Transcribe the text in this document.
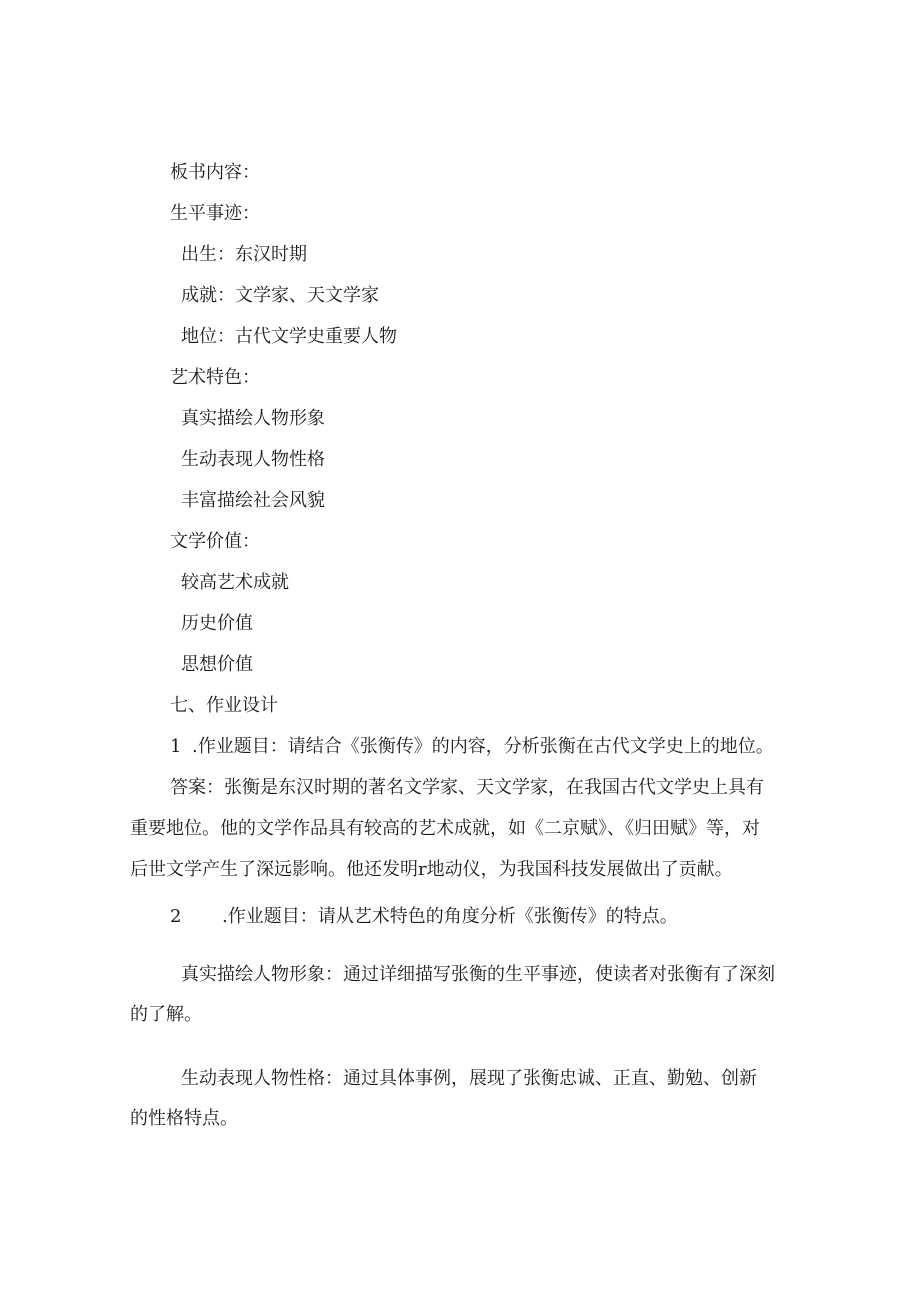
板书内容：

生平事迹：

出生：东汉时期

成就：文学家、天文学家

地位：古代文学史重要人物

艺术特色：

真实描绘人物形象

生动表现人物性格

丰富描绘社会风貌

文学价值：

较高艺术成就

历史价值

思想价值

七、作业设计

1 .作业题目：请结合《张衡传》的内容，分析张衡在古代文学史上的地位。

答案：张衡是东汉时期的著名文学家、天文学家，在我国古代文学史上具有

重要地位。他的文学作品具有较高的艺术成就，如《二京赋》、《归田赋》等，对

后世文学产生了深远影响。他还发明r地动仪，为我国科技发展做出了贡献。

2 .作业题目：请从艺术特色的角度分析《张衡传》的特点。

真实描绘人物形象：通过详细描写张衡的生平事迹，使读者对张衡有了深刻

的了解。

生动表现人物性格：通过具体事例，展现了张衡忠诚、正直、勤勉、创新

的性格特点。
